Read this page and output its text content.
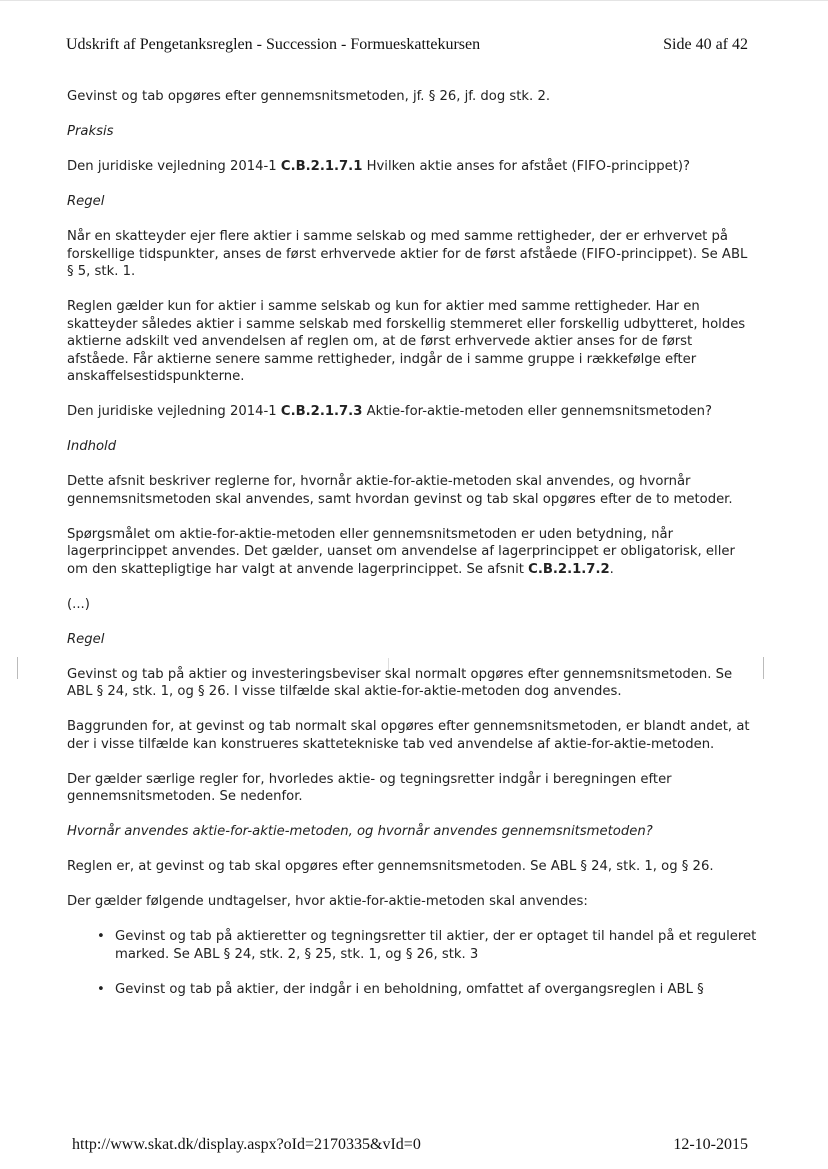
Udskrift af Pengetanksreglen - Succession - Formueskattekursen	Side 40 af 42

Gevinst og tab opgøres efter gennemsnitsmetoden, jf. § 26, jf. dog stk. 2.

Praksis

Den juridiske vejledning 2014-1 C.B.2.1.7.1 Hvilken aktie anses for afstået (FIFO-princippet)?

Regel

Når en skatteyder ejer flere aktier i samme selskab og med samme rettigheder, der er erhvervet på forskellige tidspunkter, anses de først erhvervede aktier for de først afståede (FIFO-princippet). Se ABL § 5, stk. 1.

Reglen gælder kun for aktier i samme selskab og kun for aktier med samme rettigheder. Har en skatteyder således aktier i samme selskab med forskellig stemmeret eller forskellig udbytteret, holdes aktierne adskilt ved anvendelsen af reglen om, at de først erhvervede aktier anses for de først afståede. Får aktierne senere samme rettigheder, indgår de i samme gruppe i rækkefølge efter anskaffelsestidspunkterne.

Den juridiske vejledning 2014-1 C.B.2.1.7.3 Aktie-for-aktie-metoden eller gennemsnitsmetoden?

Indhold

Dette afsnit beskriver reglerne for, hvornår aktie-for-aktie-metoden skal anvendes, og hvornår gennemsnitsmetoden skal anvendes, samt hvordan gevinst og tab skal opgøres efter de to metoder.

Spørgsmålet om aktie-for-aktie-metoden eller gennemsnitsmetoden er uden betydning, når lagerprincippet anvendes. Det gælder, uanset om anvendelse af lagerprincippet er obligatorisk, eller om den skattepligtige har valgt at anvende lagerprincippet. Se afsnit C.B.2.1.7.2.

(...)

Regel

Gevinst og tab på aktier og investeringsbeviser skal normalt opgøres efter gennemsnitsmetoden. Se ABL § 24, stk. 1, og § 26. I visse tilfælde skal aktie-for-aktie-metoden dog anvendes.

Baggrunden for, at gevinst og tab normalt skal opgøres efter gennemsnitsmetoden, er blandt andet, at der i visse tilfælde kan konstrueres skattetekniske tab ved anvendelse af aktie-for-aktie-metoden.

Der gælder særlige regler for, hvorledes aktie- og tegningsretter indgår i beregningen efter gennemsnitsmetoden. Se nedenfor.

Hvornår anvendes aktie-for-aktie-metoden, og hvornår anvendes gennemsnitsmetoden?

Reglen er, at gevinst og tab skal opgøres efter gennemsnitsmetoden. Se ABL § 24, stk. 1, og § 26.

Der gælder følgende undtagelser, hvor aktie-for-aktie-metoden skal anvendes:

• Gevinst og tab på aktieretter og tegningsretter til aktier, der er optaget til handel på et reguleret marked. Se ABL § 24, stk. 2, § 25, stk. 1, og § 26, stk. 3
• Gevinst og tab på aktier, der indgår i en beholdning, omfattet af overgangsreglen i ABL §
http://www.skat.dk/display.aspx?oId=2170335&vId=0	12-10-2015
